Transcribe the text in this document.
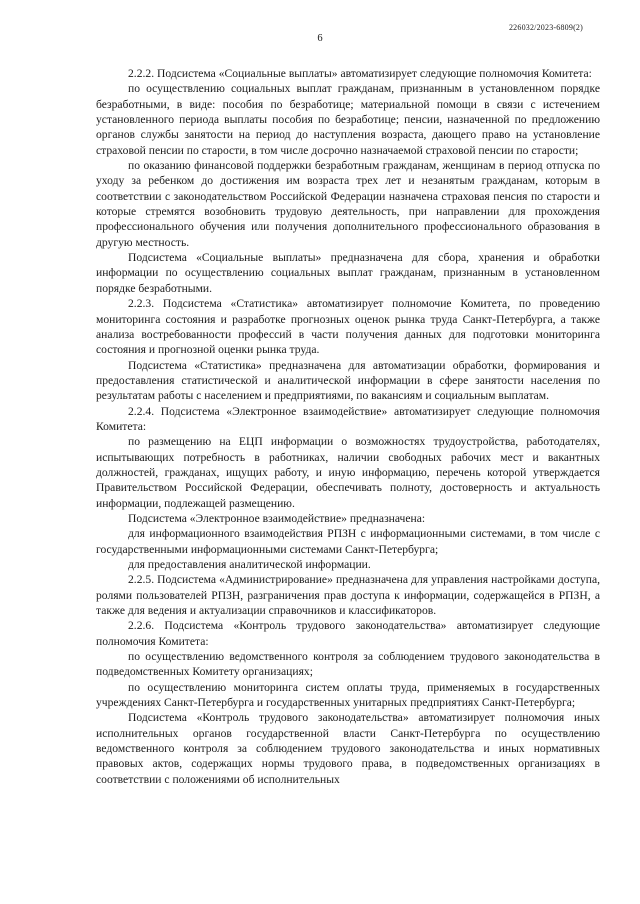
226032/2023-6809(2)
6

2.2.2. Подсистема «Социальные выплаты» автоматизирует следующие полномочия Комитета:

по осуществлению социальных выплат гражданам, признанным в установленном порядке безработными, в виде: пособия по безработице; материальной помощи в связи с истечением установленного периода выплаты пособия по безработице; пенсии, назначенной по предложению органов службы занятости на период до наступления возраста, дающего право на установление страховой пенсии по старости, в том числе досрочно назначаемой страховой пенсии по старости;

по оказанию финансовой поддержки безработным гражданам, женщинам в период отпуска по уходу за ребенком до достижения им возраста трех лет и незанятым гражданам, которым в соответствии с законодательством Российской Федерации назначена страховая пенсия по старости и которые стремятся возобновить трудовую деятельность, при направлении для прохождения профессионального обучения или получения дополнительного профессионального образования в другую местность.

Подсистема «Социальные выплаты» предназначена для сбора, хранения и обработки информации по осуществлению социальных выплат гражданам, признанным в установленном порядке безработными.

2.2.3. Подсистема «Статистика» автоматизирует полномочие Комитета, по проведению мониторинга состояния и разработке прогнозных оценок рынка труда Санкт-Петербурга, а также анализа востребованности профессий в части получения данных для подготовки мониторинга состояния и прогнозной оценки рынка труда.

Подсистема «Статистика» предназначена для автоматизации обработки, формирования и предоставления статистической и аналитической информации в сфере занятости населения по результатам работы с населением и предприятиями, по вакансиям и социальным выплатам.

2.2.4. Подсистема «Электронное взаимодействие» автоматизирует следующие полномочия Комитета:

по размещению на ЕЦП информации о возможностях трудоустройства, работодателях, испытывающих потребность в работниках, наличии свободных рабочих мест и вакантных должностей, гражданах, ищущих работу, и иную информацию, перечень которой утверждается Правительством Российской Федерации, обеспечивать полноту, достоверность и актуальность информации, подлежащей размещению.

Подсистема «Электронное взаимодействие» предназначена:

для информационного взаимодействия РПЗН с информационными системами, в том числе с государственными информационными системами Санкт-Петербурга;

для предоставления аналитической информации.

2.2.5. Подсистема «Администрирование» предназначена для управления настройками доступа, ролями пользователей РПЗН, разграничения прав доступа к информации, содержащейся в РПЗН, а также для ведения и актуализации справочников и классификаторов.

2.2.6. Подсистема «Контроль трудового законодательства» автоматизирует следующие полномочия Комитета:

по осуществлению ведомственного контроля за соблюдением трудового законодательства в подведомственных Комитету организациях;

по осуществлению мониторинга систем оплаты труда, применяемых в государственных учреждениях Санкт-Петербурга и государственных унитарных предприятиях Санкт-Петербурга;

Подсистема «Контроль трудового законодательства» автоматизирует полномочия иных исполнительных органов государственной власти Санкт-Петербурга по осуществлению ведомственного контроля за соблюдением трудового законодательства и иных нормативных правовых актов, содержащих нормы трудового права, в подведомственных организациях в соответствии с положениями об исполнительных
